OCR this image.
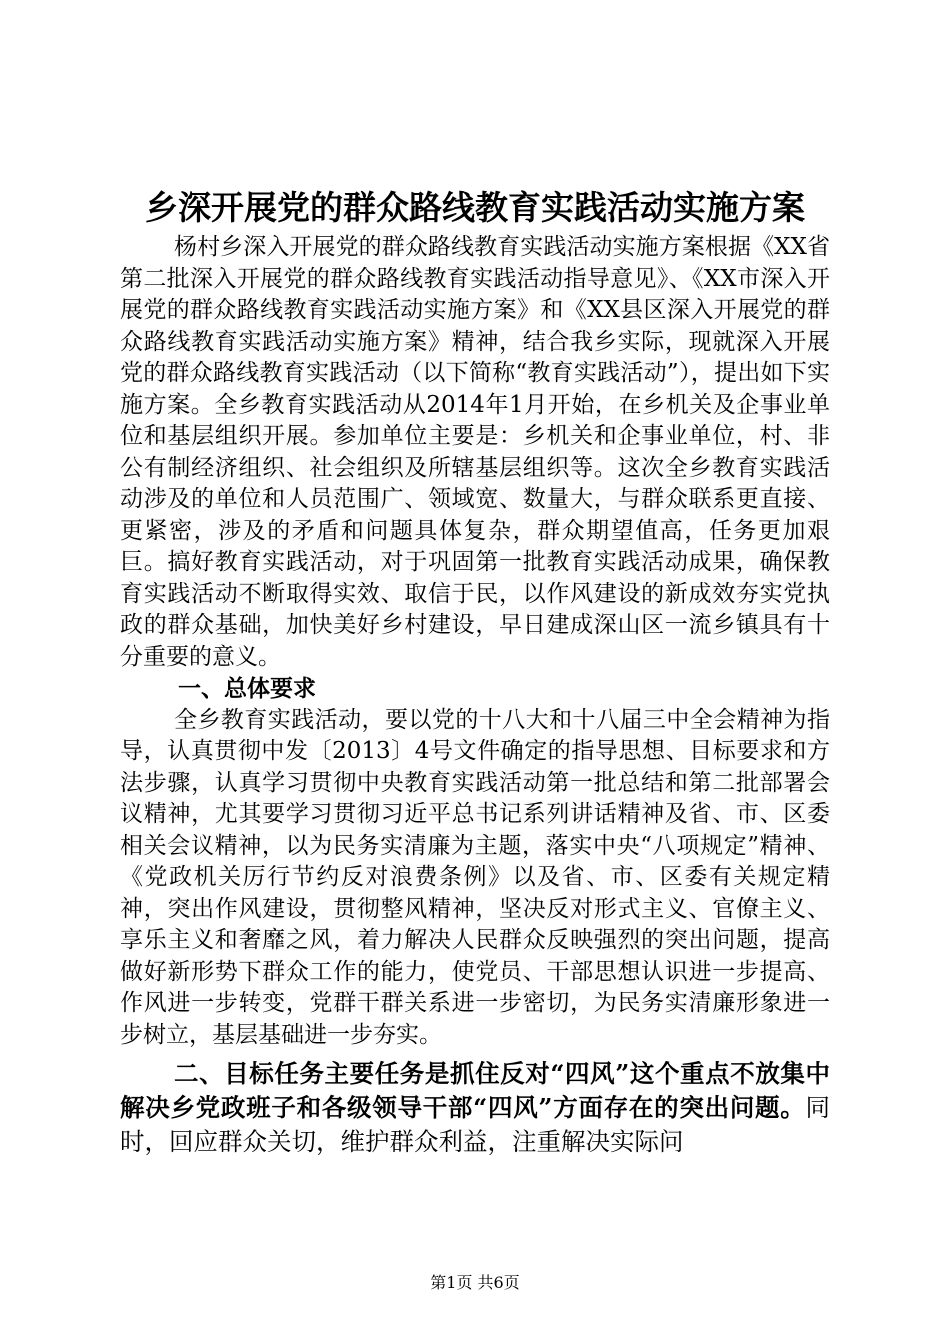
乡深开展党的群众路线教育实践活动实施方案

杨村乡深入开展党的群众路线教育实践活动实施方案根据《XX省第二批深入开展党的群众路线教育实践活动指导意见》、《XX市深入开展党的群众路线教育实践活动实施方案》和《XX县区深入开展党的群众路线教育实践活动实施方案》精神，结合我乡实际，现就深入开展党的群众路线教育实践活动（以下简称“教育实践活动”），提出如下实施方案。全乡教育实践活动从2014年1月开始，在乡机关及企事业单位和基层组织开展。参加单位主要是：乡机关和企事业单位，村、非公有制经济组织、社会组织及所辖基层组织等。这次全乡教育实践活动涉及的单位和人员范围广、领域宽、数量大，与群众联系更直接、更紧密，涉及的矛盾和问题具体复杂，群众期望值高，任务更加艰巨。搞好教育实践活动，对于巩固第一批教育实践活动成果，确保教育实践活动不断取得实效、取信于民，以作风建设的新成效夯实党执政的群众基础，加快美好乡村建设，早日建成深山区一流乡镇具有十分重要的意义。

一、总体要求

全乡教育实践活动，要以党的十八大和十八届三中全会精神为指导，认真贯彻中发〔2013〕4号文件确定的指导思想、目标要求和方法步骤，认真学习贯彻中央教育实践活动第一批总结和第二批部署会议精神，尤其要学习贯彻习近平总书记系列讲话精神及省、市、区委相关会议精神，以为民务实清廉为主题，落实中央“八项规定”精神、《党政机关厉行节约反对浪费条例》以及省、市、区委有关规定精神，突出作风建设，贯彻整风精神，坚决反对形式主义、官僚主义、享乐主义和奢靡之风，着力解决人民群众反映强烈的突出问题，提高做好新形势下群众工作的能力，使党员、干部思想认识进一步提高、作风进一步转变，党群干群关系进一步密切，为民务实清廉形象进一步树立，基层基础进一步夯实。

二、目标任务主要任务是抓住反对“四风”这个重点不放集中解决乡党政班子和各级领导干部“四风”方面存在的突出问题。同时，回应群众关切，维护群众利益，注重解决实际问

第1页 共6页
